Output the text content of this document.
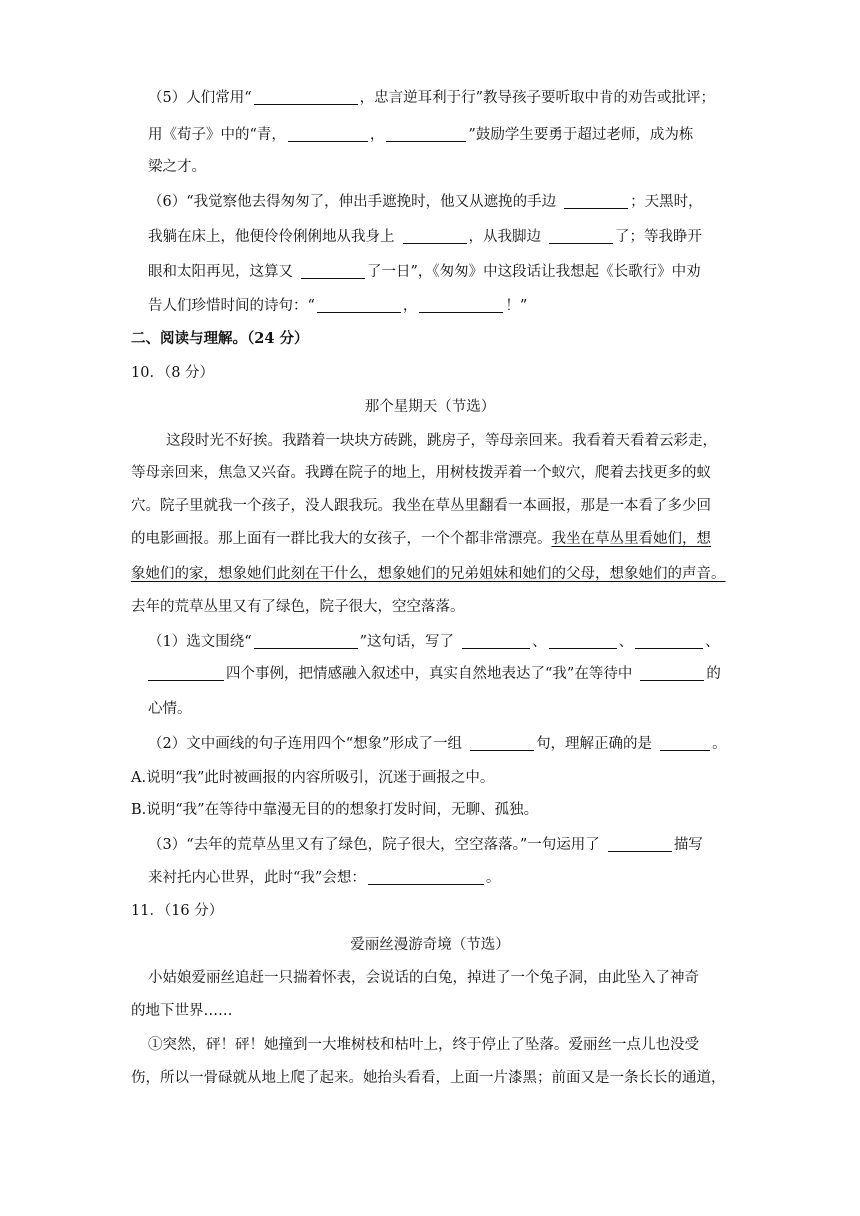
（5）人们常用“	，忠言逆耳利于行”教导孩子要听取中肯的劝告或批评；
用《荀子》中的“青，	，	”鼓励学生要勇于超过老师，成为栋
梁之才。
（6）“我觉察他去得匆匆了，伸出手遮挽时，他又从遮挽的手边	；天黑时，
我躺在床上，他便伶伶俐俐地从我身上	，从我脚边	了；等我睁开
眼和太阳再见，这算又	了一日”，《匆匆》中这段话让我想起《长歌行》中劝
告人们珍惜时间的诗句：“	，	！”
二、阅读与理解。（24 分）
10．（8 分）
那个星期天（节选）
这段时光不好挨。我踏着一块块方砖跳，跳房子，等母亲回来。我看着天看着云彩走，
等母亲回来，焦急又兴奋。我蹲在院子的地上，用树枝拨弄着一个蚁穴，爬着去找更多的蚁
穴。院子里就我一个孩子，没人跟我玩。我坐在草丛里翻看一本画报，那是一本看了多少回
的电影画报。那上面有一群比我大的女孩子，一个个都非常漂亮。我坐在草丛里看她们，想
象她们的家，想象她们此刻在干什么，想象她们的兄弟姐妹和她们的父母，想象她们的声音。
去年的荒草丛里又有了绿色，院子很大，空空落落。
（1）选文围绕“	”这句话，写了	、	、	、
四个事例，把情感融入叙述中，真实自然地表达了“我”在等待中	的
心情。
（2）文中画线的句子连用四个“想象”形成了一组	句，理解正确的是	。
A.说明“我”此时被画报的内容所吸引，沉迷于画报之中。
B.说明“我”在等待中靠漫无目的的想象打发时间，无聊、孤独。
（3）“去年的荒草丛里又有了绿色，院子很大，空空落落。”一句运用了	描写
来衬托内心世界，此时“我”会想：	。
11．（16 分）
爱丽丝漫游奇境（节选）
小姑娘爱丽丝追赶一只揣着怀表，会说话的白兔，掉进了一个兔子洞，由此坠入了神奇
的地下世界……
①突然，砰！砰！她撞到一大堆树枝和枯叶上，终于停止了坠落。爱丽丝一点儿也没受
伤，所以一骨碌就从地上爬了起来。她抬头看看，上面一片漆黑；前面又是一条长长的通道，
